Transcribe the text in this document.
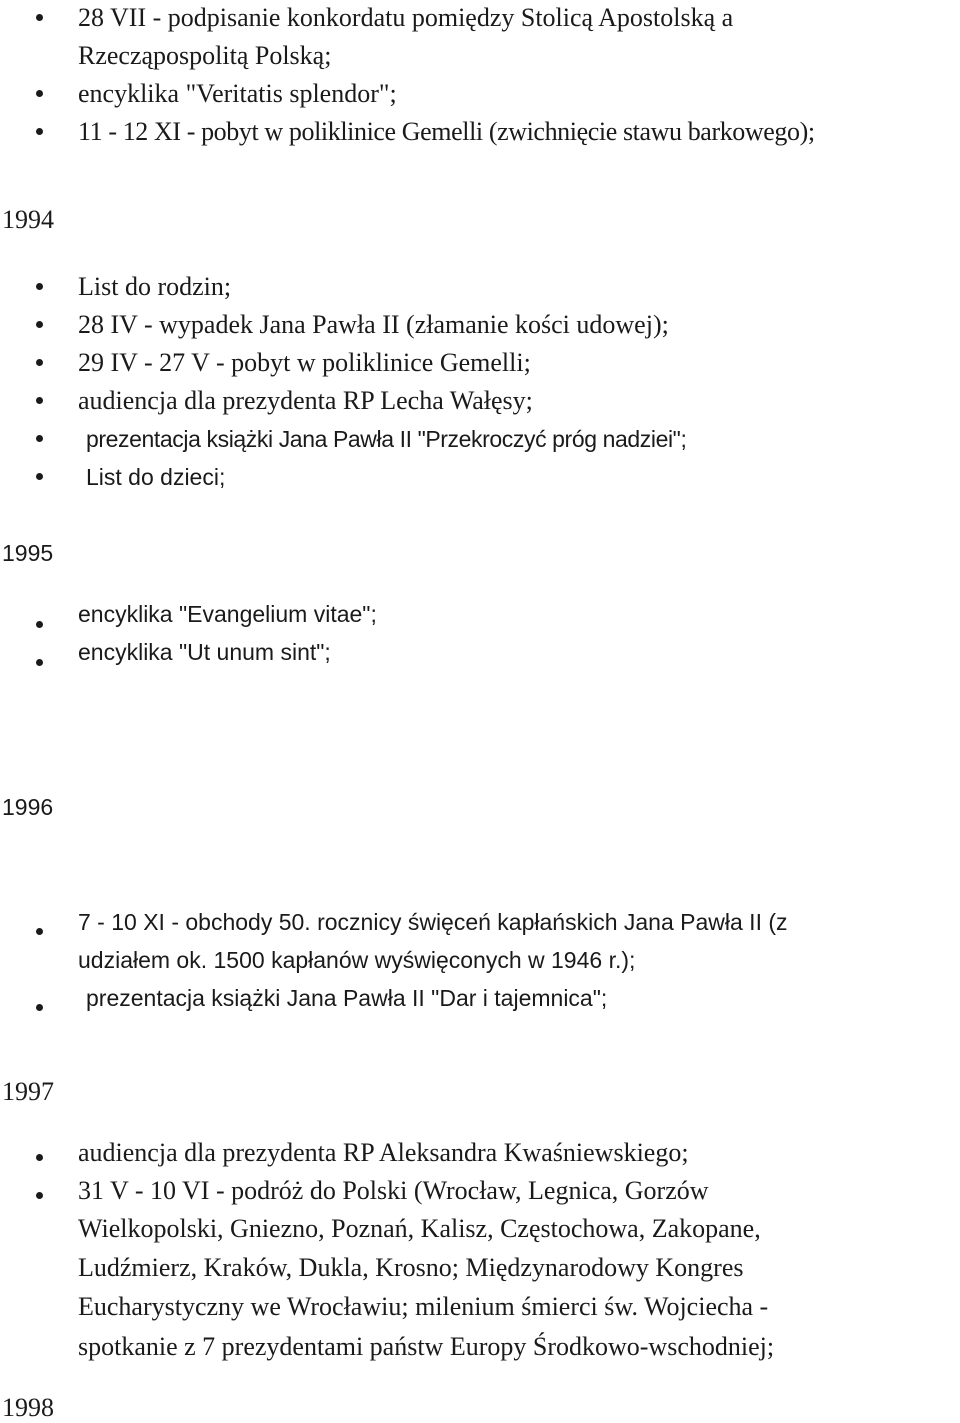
28 VII - podpisanie konkordatu pomiędzy Stolicą Apostolską a
Rzecząpospolitą Polską;
encyklika "Veritatis splendor";
11 - 12 XI - pobyt w poliklinice Gemelli (zwichnięcie stawu barkowego);
1994
List do rodzin;
28 IV - wypadek Jana Pawła II (złamanie kości udowej);
29 IV - 27 V - pobyt w poliklinice Gemelli;
audiencja dla prezydenta RP Lecha Wałęsy;
prezentacja książki Jana Pawła II "Przekroczyć próg nadziei";
List do dzieci;
1995
encyklika "Evangelium vitae";
encyklika "Ut unum sint";
1996
7 - 10 XI - obchody 50. rocznicy święceń kapłańskich Jana Pawła II (z
udziałem ok. 1500 kapłanów wyświęconych w 1946 r.);
prezentacja książki Jana Pawła II "Dar i tajemnica";
1997
audiencja dla prezydenta RP Aleksandra Kwaśniewskiego;
31 V - 10 VI - podróż do Polski (Wrocław, Legnica, Gorzów
Wielkopolski, Gniezno, Poznań, Kalisz, Częstochowa, Zakopane,
Ludźmierz, Kraków, Dukla, Krosno; Międzynarodowy Kongres
Eucharystyczny we Wrocławiu; milenium śmierci św. Wojciecha -
spotkanie z 7 prezydentami państw Europy Środkowo-wschodniej;
1998
